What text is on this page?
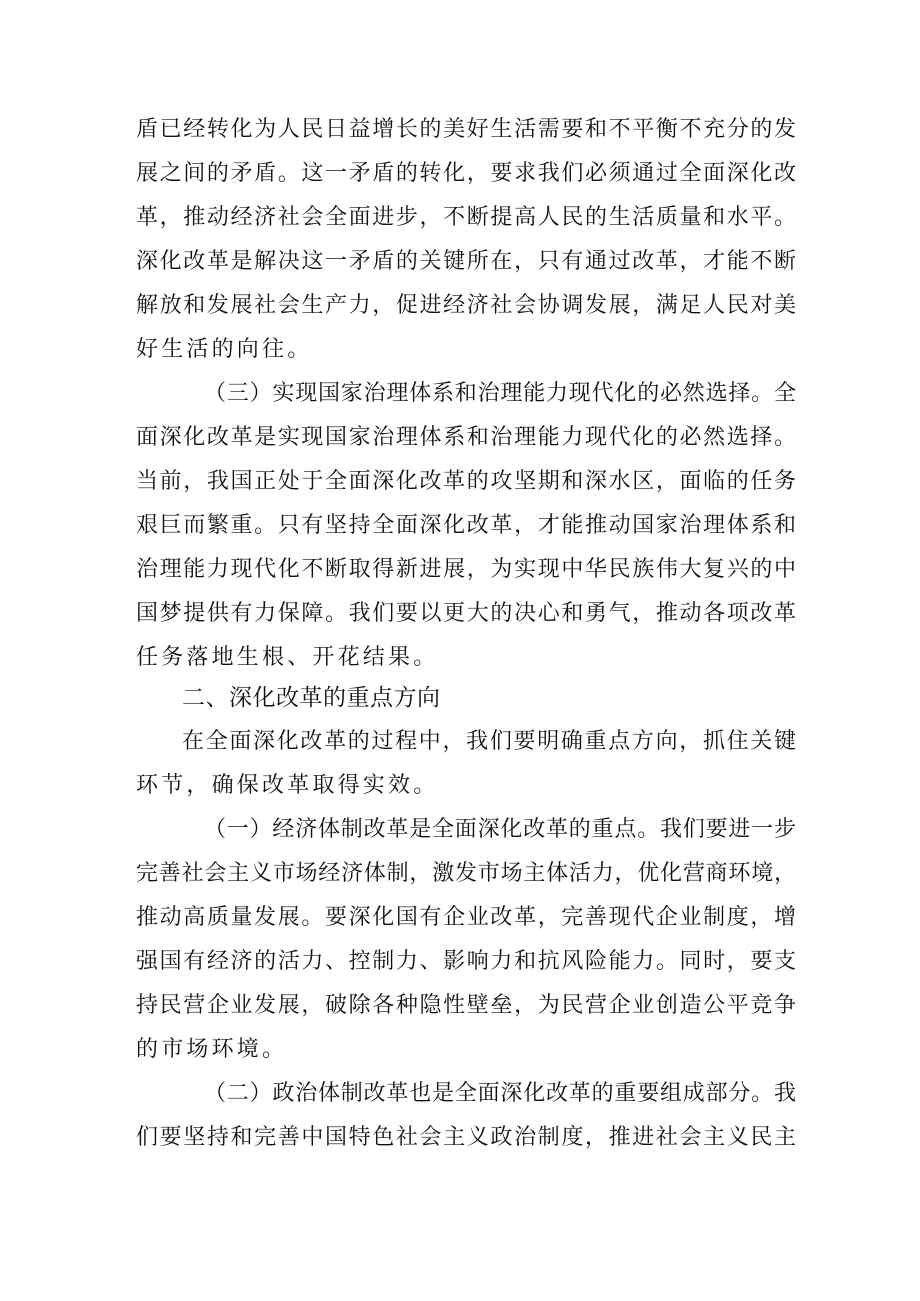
盾已经转化为人民日益增长的美好生活需要和不平衡不充分的发
展之间的矛盾。这一矛盾的转化，要求我们必须通过全面深化改
革，推动经济社会全面进步，不断提高人民的生活质量和水平。
深化改革是解决这一矛盾的关键所在，只有通过改革，才能不断
解放和发展社会生产力，促进经济社会协调发展，满足人民对美
好生活的向往。
（三）实现国家治理体系和治理能力现代化的必然选择。全
面深化改革是实现国家治理体系和治理能力现代化的必然选择。
当前，我国正处于全面深化改革的攻坚期和深水区，面临的任务
艰巨而繁重。只有坚持全面深化改革，才能推动国家治理体系和
治理能力现代化不断取得新进展，为实现中华民族伟大复兴的中
国梦提供有力保障。我们要以更大的决心和勇气，推动各项改革
任务落地生根、开花结果。
二、深化改革的重点方向
在全面深化改革的过程中，我们要明确重点方向，抓住关键
环节，确保改革取得实效。
（一）经济体制改革是全面深化改革的重点。我们要进一步
完善社会主义市场经济体制，激发市场主体活力，优化营商环境，
推动高质量发展。要深化国有企业改革，完善现代企业制度，增
强国有经济的活力、控制力、影响力和抗风险能力。同时，要支
持民营企业发展，破除各种隐性壁垒，为民营企业创造公平竞争
的市场环境。
（二）政治体制改革也是全面深化改革的重要组成部分。我
们要坚持和完善中国特色社会主义政治制度，推进社会主义民主
